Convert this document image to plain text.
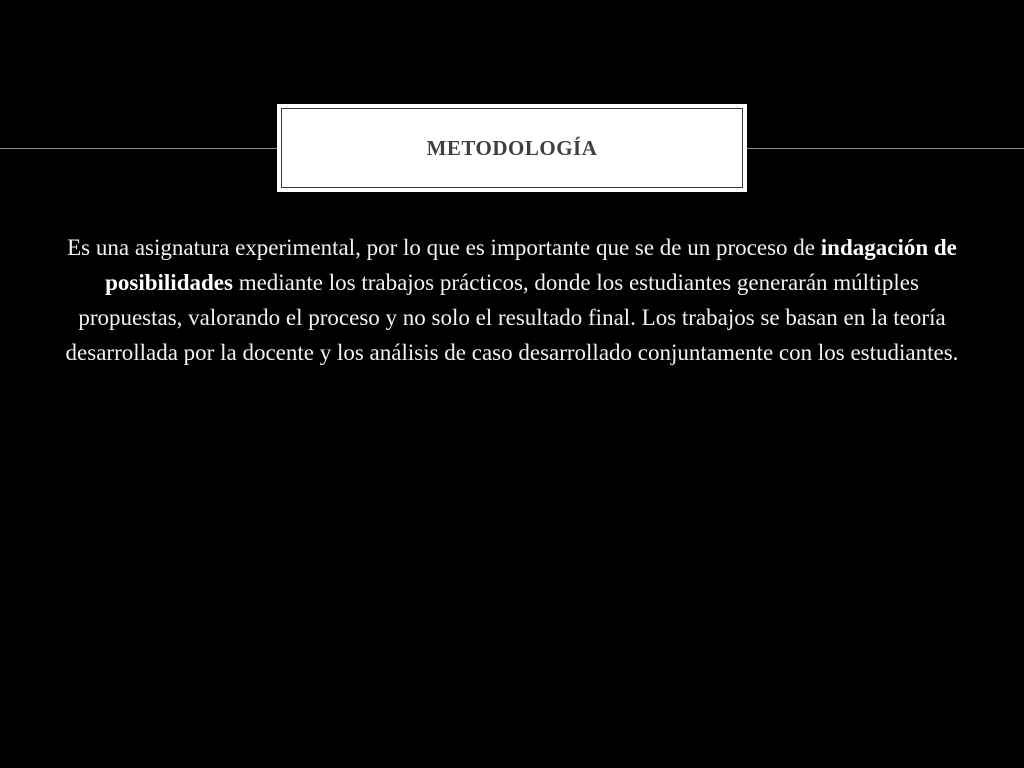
METODOLOGÍA

Es una asignatura experimental, por lo que es importante que se de un proceso de indagación de posibilidades mediante los trabajos prácticos, donde los estudiantes generarán múltiples propuestas, valorando el proceso y no solo el resultado final. Los trabajos se basan en la teoría desarrollada por la docente y los análisis de caso desarrollado conjuntamente con los estudiantes.
